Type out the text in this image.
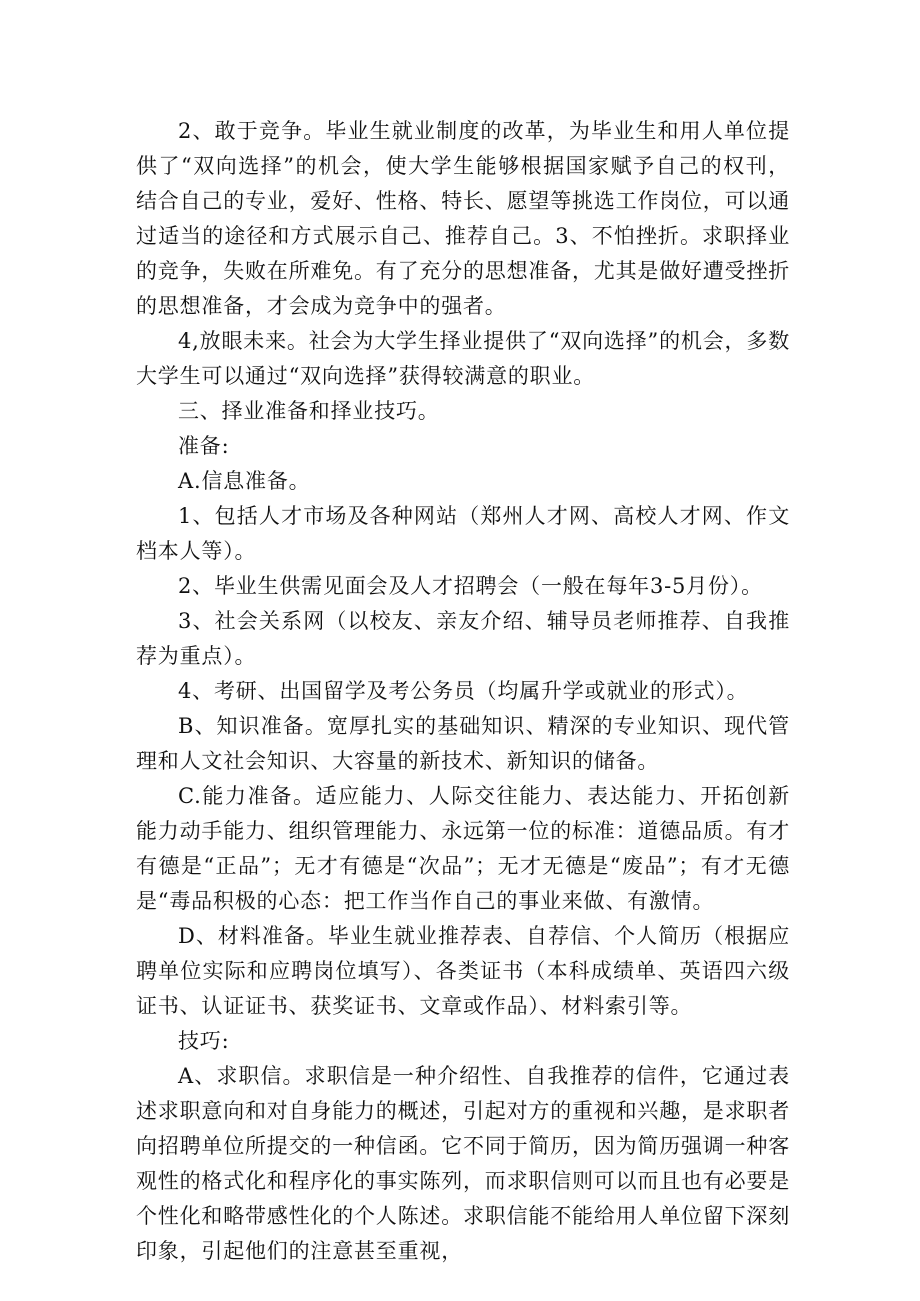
2、敢于竞争。毕业生就业制度的改革，为毕业生和用人单位提供了“双向选择”的机会，使大学生能够根据国家赋予自己的权刊，结合自己的专业，爱好、性格、特长、愿望等挑选工作岗位，可以通过适当的途径和方式展示自己、推荐自己。3、不怕挫折。求职择业的竞争，失败在所难免。有了充分的思想准备，尤其是做好遭受挫折的思想准备，才会成为竞争中的强者。

4,放眼未来。社会为大学生择业提供了“双向选择”的机会，多数大学生可以通过“双向选择”获得较满意的职业。

三、择业准备和择业技巧。

准备:

A.信息准备。

1、包括人才市场及各种网站（郑州人才网、高校人才网、作文档本人等）。

2、毕业生供需见面会及人才招聘会（一般在每年3-5月份）。

3、社会关系网（以校友、亲友介绍、辅导员老师推荐、自我推荐为重点）。

4、考研、出国留学及考公务员（均属升学或就业的形式）。

B、知识准备。宽厚扎实的基础知识、精深的专业知识、现代管理和人文社会知识、大容量的新技术、新知识的储备。

C.能力准备。适应能力、人际交往能力、表达能力、开拓创新能力动手能力、组织管理能力、永远第一位的标准：道德品质。有才有德是“正品”；无才有德是“次品”；无才无德是“废品”；有才无德是“毒品积极的心态：把工作当作自己的事业来做、有激情。

D、材料准备。毕业生就业推荐表、自荐信、个人简历（根据应聘单位实际和应聘岗位填写）、各类证书（本科成绩单、英语四六级证书、认证证书、获奖证书、文章或作品）、材料索引等。

技巧:

A、求职信。求职信是一种介绍性、自我推荐的信件，它通过表述求职意向和对自身能力的概述，引起对方的重视和兴趣，是求职者向招聘单位所提交的一种信函。它不同于简历，因为简历强调一种客观性的格式化和程序化的事实陈列，而求职信则可以而且也有必要是个性化和略带感性化的个人陈述。求职信能不能给用人单位留下深刻印象，引起他们的注意甚至重视，
